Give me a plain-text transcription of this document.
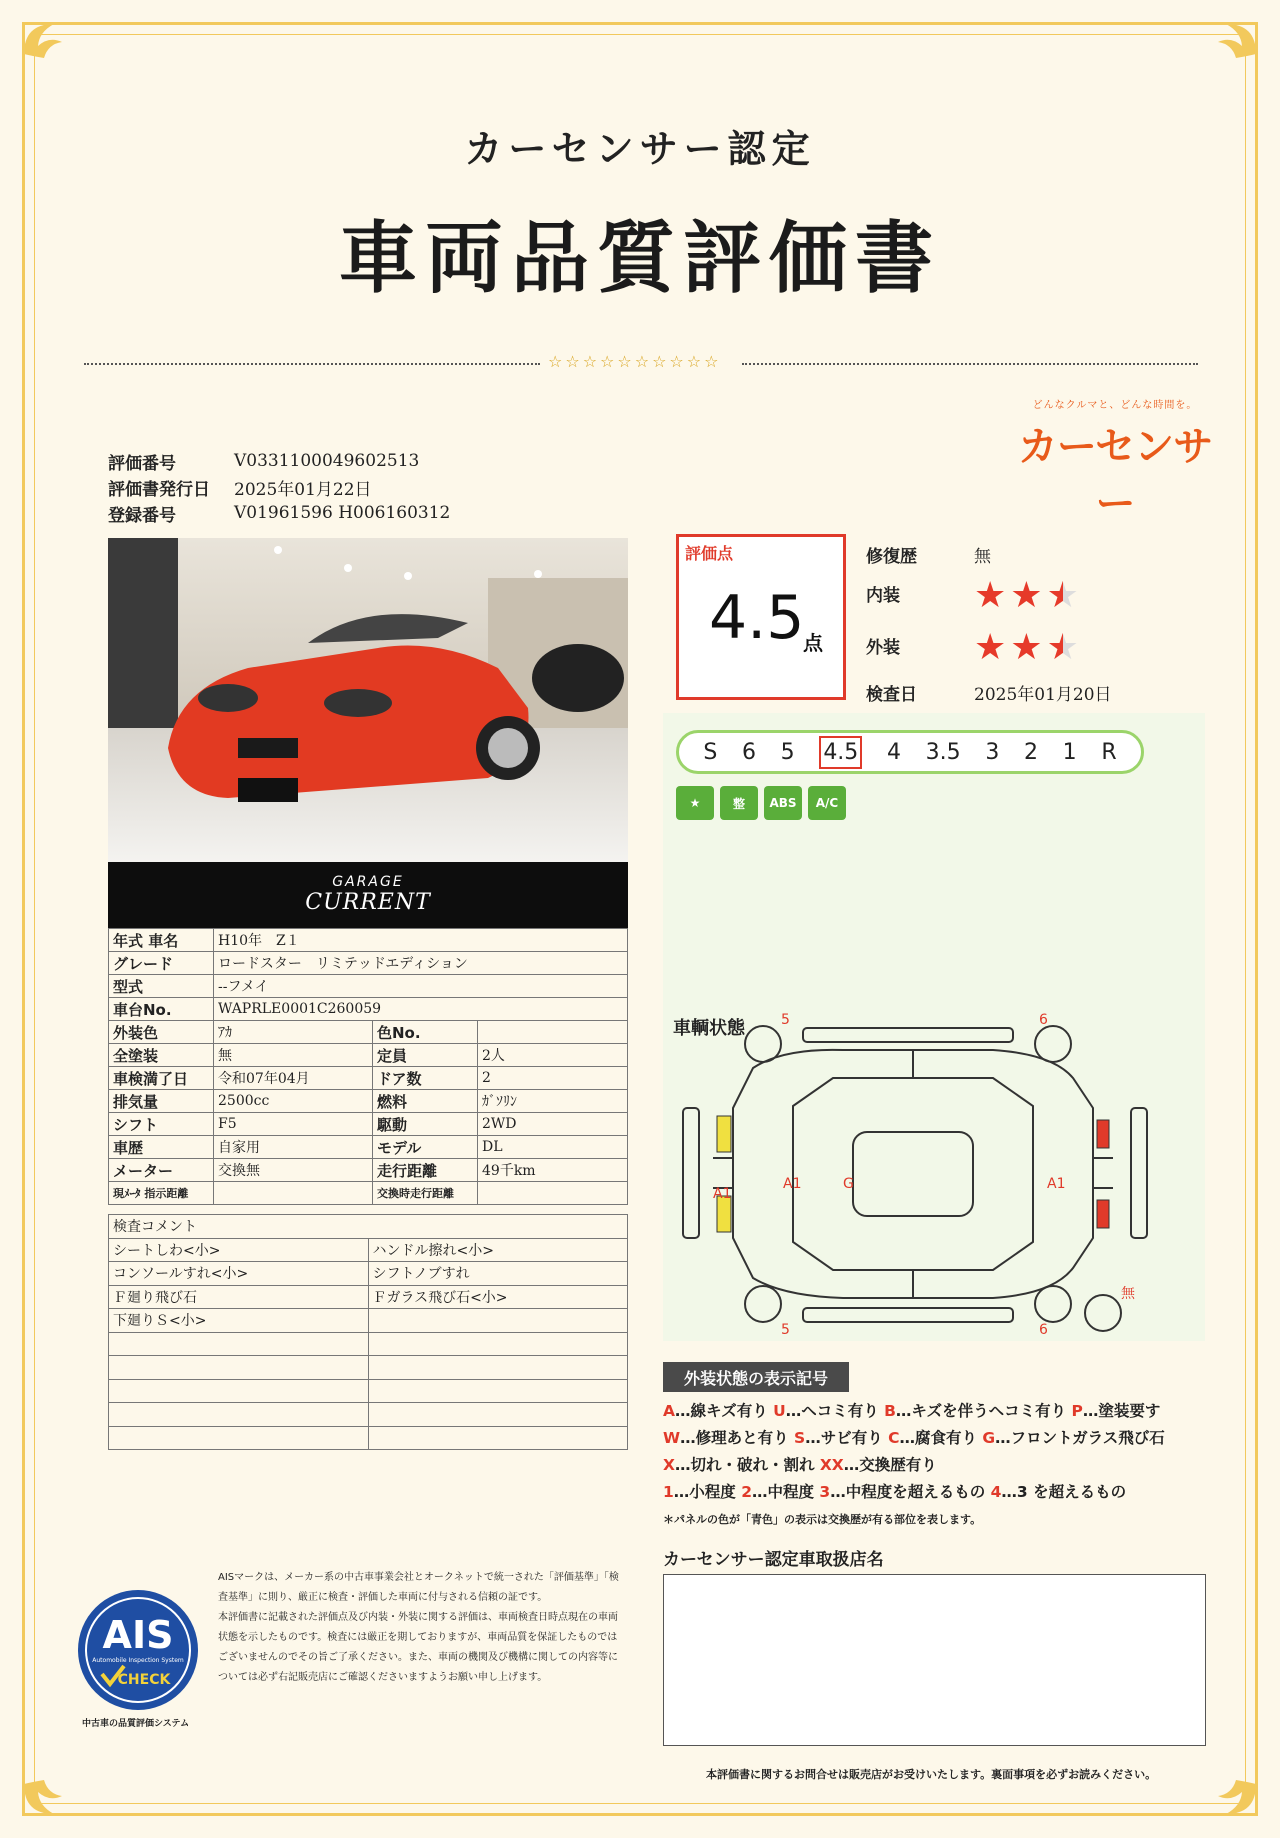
カーセンサー認定
車両品質評価書
☆☆☆☆☆☆☆☆☆☆
どんなクルマと、どんな時間を。
カーセンサー
評価番号	V0331100049602513
評価書発行日	2025年01月22日
登録番号	V01961596 H006160312
GARAGE
CURRENT
年式 車名	H10年　Z１		
グレード	ロードスター　リミテッドエディション		
型式	--フメイ		
車台No.	WAPRLE0001C260059		
外装色	ｱｶ	色No.	
全塗装	無	定員	2人
車検満了日	令和07年04月	ドア数	2
排気量	2500cc	燃料	ｶﾞｿﾘﾝ
シフト	F5	駆動	2WD
車歴	自家用	モデル	DL
メーター	交換無	走行距離	49千km
現ﾒｰﾀ 指示距離		交換時走行距離	
検査コメント	
シートしわ<小>	ハンドル擦れ<小>
コンソールすれ<小>	シフトノブすれ
Ｆ廻り飛び石	Ｆガラス飛び石<小>
下廻りＳ<小>	

評価点
4.5
点
修復歴	無
内装 ★ ★ ★
外装 ★ ★ ★
検査日	2025年01月20日
S 6 5 4.5 4 3.5 3 2 1 R
★	整	ABS	A/C
5	6
5	6
A1
A1	G	A1
無
車輌状態
外装状態の表示記号
A…線キズ有り U…ヘコミ有り B…キズを伴うヘコミ有り P…塗装要す
W…修理あと有り S…サビ有り C…腐食有り G…フロントガラス飛び石
X…切れ・破れ・割れ XX…交換歴有り
1…小程度 2…中程度 3…中程度を超えるもの 4…3 を超えるもの
＊パネルの色が「青色」の表示は交換歴が有る部位を表します。
カーセンサー認定車取扱店名
AIS
Automobile Inspection System
CHECK
中古車の品質評価システム

AISマークは、メーカー系の中古車事業会社とオークネットで統一された「評価基準」「検査基準」に則り、厳正に検査・評価した車両に付与される信頼の証です。

本評価書に記載された評価点及び内装・外装に関する評価は、車両検査日時点現在の車両状態を示したものです。検査には厳正を期しておりますが、車両品質を保証したものではございませんのでその旨ご了承ください。また、車両の機関及び機構に関しての内容等については必ず右記販売店にご確認くださいますようお願い申し上げます。

本評価書に関するお問合せは販売店がお受けいたします。裏面事項を必ずお読みください。
